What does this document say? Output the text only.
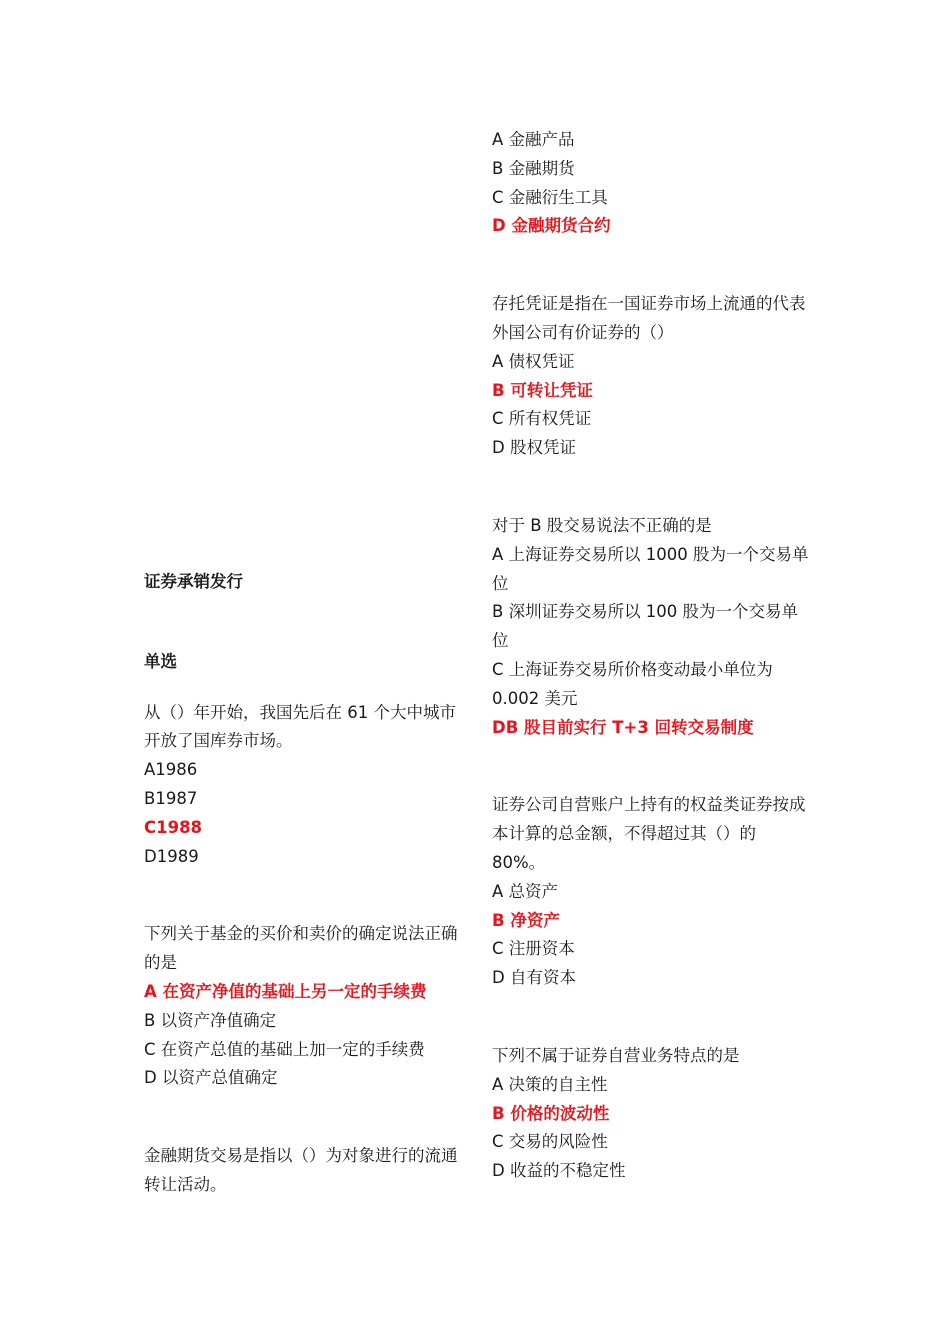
证券承销发行
单选
从（）年开始，我国先后在 61 个大中城市开放了国库券市场。
A1986
B1987
C1988
D1989
下列关于基金的买价和卖价的确定说法正确的是
A 在资产净值的基础上另一定的手续费
B 以资产净值确定
C 在资产总值的基础上加一定的手续费
D 以资产总值确定
金融期货交易是指以（）为对象进行的流通转让活动。
A 金融产品
B 金融期货
C 金融衍生工具
D 金融期货合约
存托凭证是指在一国证券市场上流通的代表外国公司有价证券的（）
A 债权凭证
B 可转让凭证
C 所有权凭证
D 股权凭证
对于 B 股交易说法不正确的是
A 上海证券交易所以 1000 股为一个交易单位
B 深圳证券交易所以 100 股为一个交易单位
C 上海证券交易所价格变动最小单位为 0.002 美元
DB 股目前实行 T+3 回转交易制度
证券公司自营账户上持有的权益类证券按成本计算的总金额，不得超过其（）的 80%。
A 总资产
B 净资产
C 注册资本
D 自有资本
下列不属于证券自营业务特点的是
A 决策的自主性
B 价格的波动性
C 交易的风险性
D 收益的不稳定性
